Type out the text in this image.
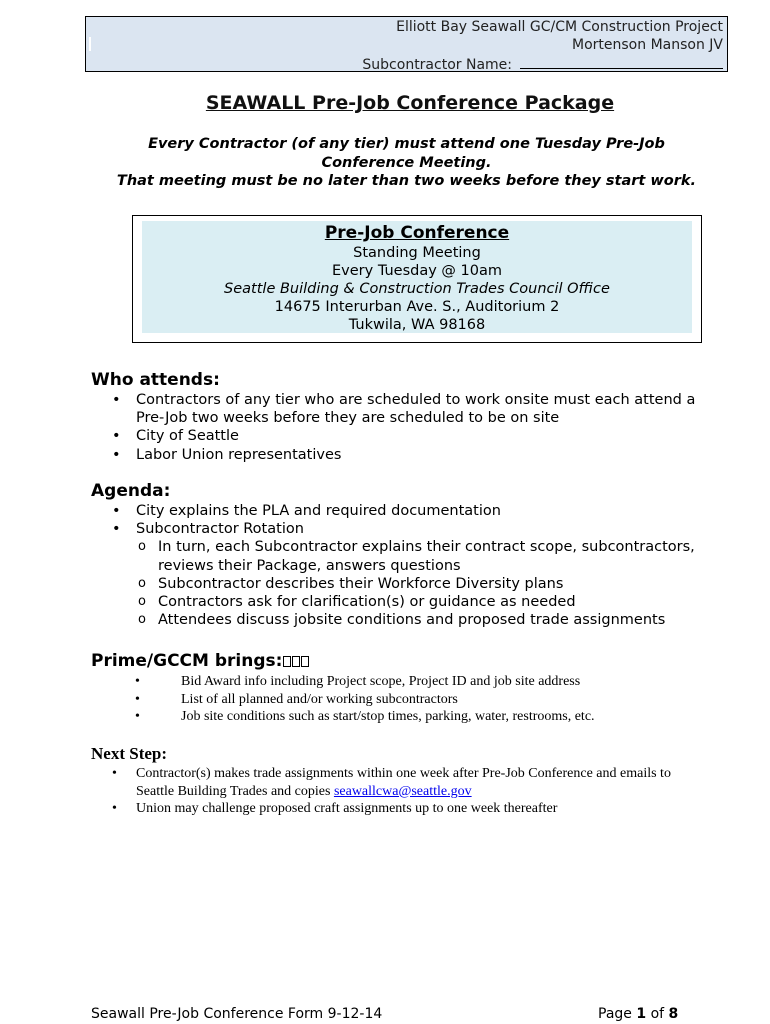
Elliott Bay Seawall GC/CM Construction Project
Mortenson Manson JV
Subcontractor Name:
SEAWALL Pre-Job Conference Package
Every Contractor (of any tier) must attend one Tuesday Pre-Job
Conference Meeting.
That meeting must be no later than two weeks before they start work.
Pre-Job Conference
Standing Meeting
Every Tuesday @ 10am
Seattle Building & Construction Trades Council Office
14675 Interurban Ave. S., Auditorium 2
Tukwila, WA 98168
Who attends:
• Contractors of any tier who are scheduled to work onsite must each attend a
Pre-Job two weeks before they are scheduled to be on site
• City of Seattle
• Labor Union representatives
Agenda:
• City explains the PLA and required documentation
• Subcontractor Rotation
o In turn, each Subcontractor explains their contract scope, subcontractors,
reviews their Package, answers questions
o Subcontractor describes their Workforce Diversity plans
o Contractors ask for clarification(s) or guidance as needed
o Attendees discuss jobsite conditions and proposed trade assignments
Prime/GCCM brings:
• Bid Award info including Project scope, Project ID and job site address
• List of all planned and/or working subcontractors
• Job site conditions such as start/stop times, parking, water, restrooms, etc.
Next Step:
• Contractor(s) makes trade assignments within one week after Pre-Job Conference and emails to
Seattle Building Trades and copies seawallcwa@seattle.gov
• Union may challenge proposed craft assignments up to one week thereafter
Seawall Pre-Job Conference Form 9-12-14	Page 1 of 8
